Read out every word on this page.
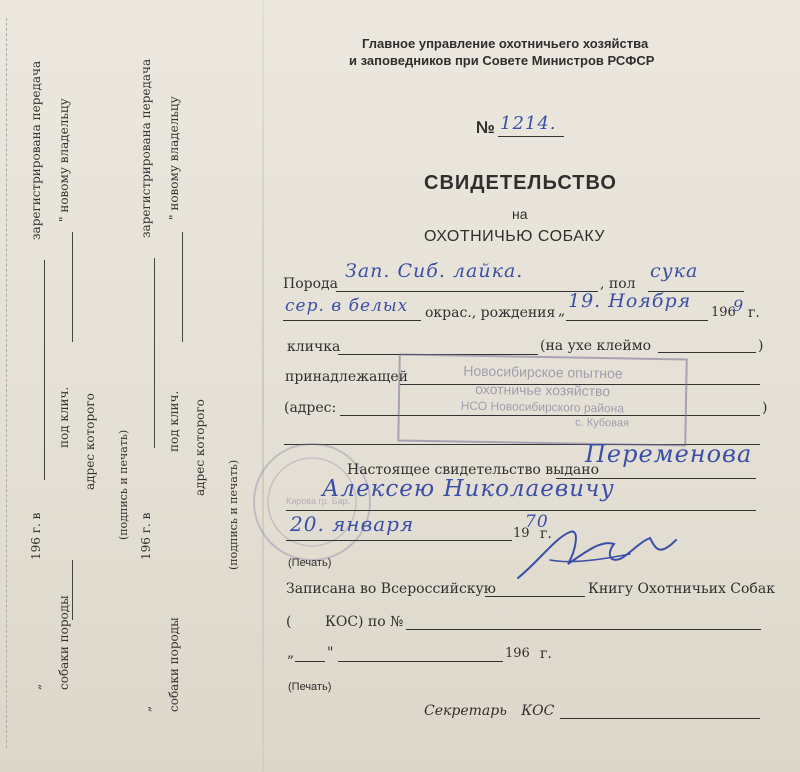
Главное управление охотничьего хозяйства
и заповедников при Совете Министров РСФСР
№ 1214.
СВИДЕТЕЛЬСТВО
на
ОХОТНИЧЬЮ СОБАКУ
Порода
Зап. Сиб. лайка.
, пол
сука
сер. в белых окрас., рождения „ 19. Ноября
196
9 г.
кличка	(на ухе клеймо	)
принадлежащей
(адрес:	)
Новосибирское опытное
охотничье хозяйство
НСО Новосибирского района
с. Кубовая
Кирова гр. Бар.
Настоящее свидетельство выдано
Переменова
Алексею Николаевичу
20. января	19
70
г.
(Печать)
Записана во Всероссийскую	Книгу Охотничьих Собак
( КОС) по №
„ "	196 г.
(Печать)
Секретарь КОС
зарегистрирована передача " новому владельцу
196 г. в
под клич. адрес которого
собаки породы
„
(подпись и печать)
зарегистрирована передача " новому владельцу
196 г. в
под клич. адрес которого
собаки породы
„
(подпись и печать)
